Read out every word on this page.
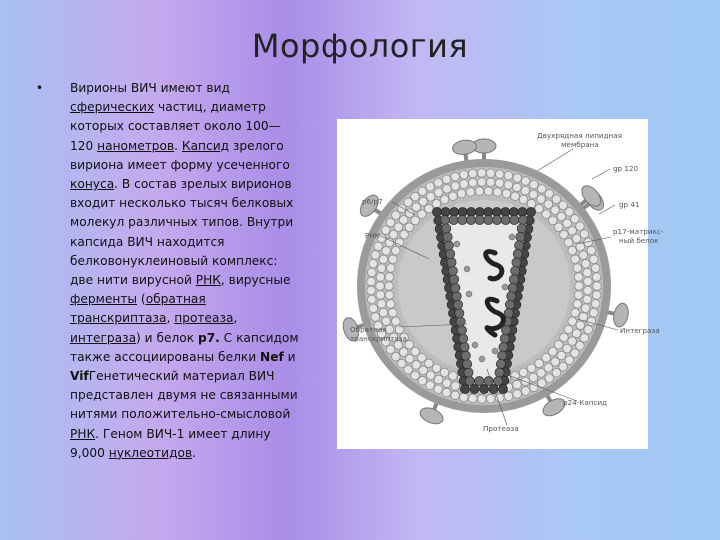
Морфология
• Вирионы ВИЧ имеют вид сферических частиц, диаметр которых составляет около 100—120 нанометров. Капсид зрелого вириона имеет форму усеченного конуса. В состав зрелых вирионов входит несколько тысяч белковых молекул различных типов. Внутри капсида ВИЧ находится белковонуклеиновый комплекс: две нити вирусной РНК, вирусные ферменты (обратная транскриптаза, протеаза, интеграза) и белок p7. С капсидом также ассоциированы белки Nef и VifГенетический материал ВИЧ представлен двумя не связанными нитями положительно-смысловой РНК. Геном ВИЧ-1 имеет длину 9,000 нуклеотидов.
Двухрядная липидная
мембрана
gp 120
p6/p7	gp 41
РНК	p17-матрикс-
ный белок
Обратная
транскриптаза
Интеграза
p24-Капсид
Протеаза
